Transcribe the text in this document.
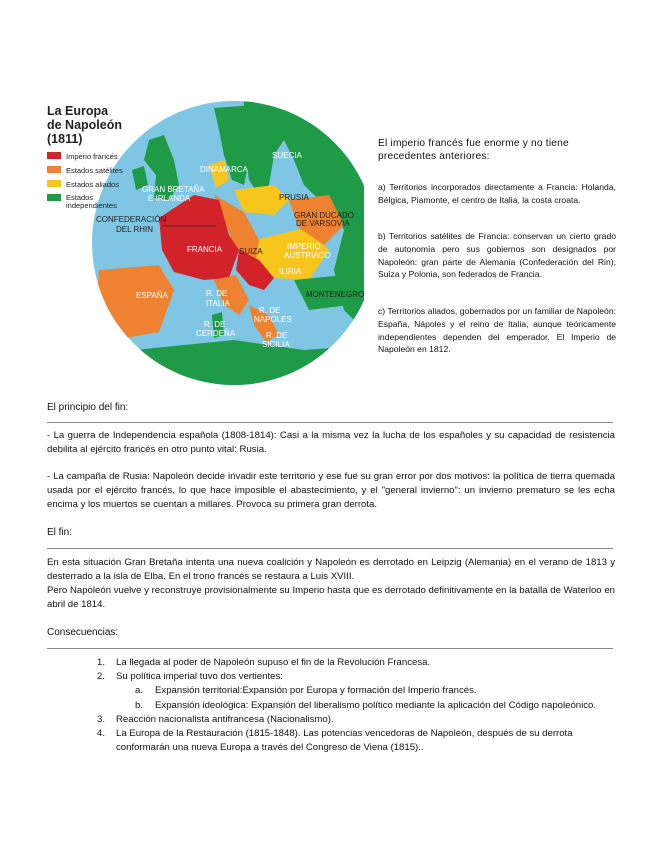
La Europa
de Napoleón
(1811)
Imperio francés
Estados satélites
Estados aliados
Estados independientes
DINAMARCA
SUECIA
GRAN BRETAÑA
E IRLANDA	PRUSIA
GRAN DUCADO
DE VARSOVIA
CONFEDERACIÓN
DEL RHIN
FRANCIA SUIZA
IMPERIO
AUSTRIACO
ILIRIA
ESPAÑA	R. DE
ITALIA
MONTENEGRO
R. DE
NAPOLES
R. DE
CERDEÑA	R. DE
SICILIA
El imperio francés fue enorme y no tiene precedentes anteriores:
a) Territorios incorporados directamente a Francia: Holanda, Bélgica, Piamonte, el centro de Italia, la costa croata.
b) Territorios satélites de Francia: conservan un cierto grado de autonomía pero sus gobiernos son designados por Napoleón: gran parte de Alemania (Confederación del Rin), Suiza y Polonia, son federados de Francia.
c) Territorios aliados, gobernados por un familiar de Napoleón: España, Nápoles y el reino de Italia, aunque teóricamente independientes dependen del emperador. El Imperio de Napoleón en 1812.
El principio del fin:
- La guerra de Independencia española (1808-1814): Casi a la misma vez la lucha de los españoles y su capacidad de resistencia debilita al ejército francés en otro punto vital: Rusia.
- La campaña de Rusia: Napoleón decide invadir este territorio y ese fue su gran error por dos motivos: la política de tierra quemada usada por el ejército francés, lo que hace imposible el abastecimiento, y el "general invierno": un invierno prematuro se les echa encima y los muertos se cuentan a millares. Provoca su primera gran derrota.
El fin:
En esta situación Gran Bretaña intenta una nueva coalición y Napoleón es derrotado en Leipzig (Alemania) en el verano de 1813 y desterrado a la isla de Elba. En el trono francés se restaura a Luis XVIII.
Pero Napoleón vuelve y reconstruye provisionalmente su Imperio hasta que es derrotado definitivamente en la batalla de Waterloo en abril de 1814.
Consecuencias:
1. La llegada al poder de Napoleón supuso el fin de la Revolución Francesa.
2. Su política imperial tuvo dos vertientes:
a. Expansión territorial:Expansión por Europa y formación del Imperio francés.
b. Expansión ideológica: Expansión del liberalismo político mediante la aplicación del Código napoleónico.
3. Reacción nacionalista antifrancesa (Nacionalismo).
4. La Europa de la Restauración (1815-1848). Las potencias vencedoras de Napoleón, después de su derrota conformarán una nueva Europa a través del Congreso de Viena (1815)..
